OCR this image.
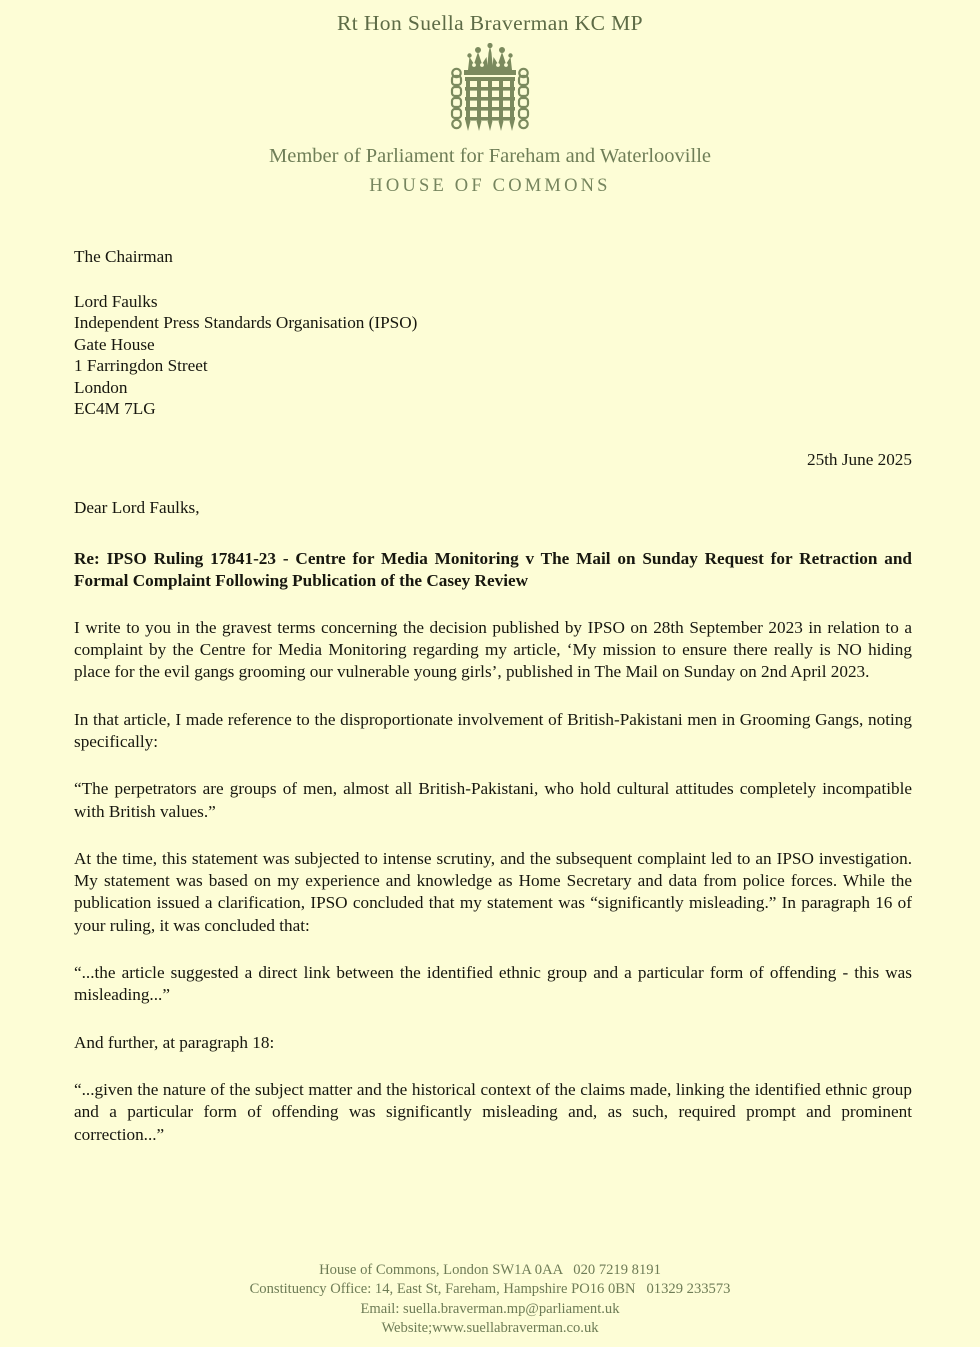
Rt Hon Suella Braverman KC MP
Member of Parliament for Fareham and Waterlooville
HOUSE OF COMMONS
The Chairman
Lord Faulks
Independent Press Standards Organisation (IPSO)
Gate House
1 Farringdon Street
London
EC4M 7LG
25th June 2025
Dear Lord Faulks,
Re: IPSO Ruling 17841-23 - Centre for Media Monitoring v The Mail on Sunday Request for Retraction and Formal Complaint Following Publication of the Casey Review

I write to you in the gravest terms concerning the decision published by IPSO on 28th September 2023 in relation to a complaint by the Centre for Media Monitoring regarding my article, ‘My mission to ensure there really is NO hiding place for the evil gangs grooming our vulnerable young girls’, published in The Mail on Sunday on 2nd April 2023.

In that article, I made reference to the disproportionate involvement of British-Pakistani men in Grooming Gangs, noting specifically:

“The perpetrators are groups of men, almost all British-Pakistani, who hold cultural attitudes completely incompatible with British values.”

At the time, this statement was subjected to intense scrutiny, and the subsequent complaint led to an IPSO investigation. My statement was based on my experience and knowledge as Home Secretary and data from police forces. While the publication issued a clarification, IPSO concluded that my statement was “significantly misleading.” In paragraph 16 of your ruling, it was concluded that:

“...the article suggested a direct link between the identified ethnic group and a particular form of offending - this was misleading...”

And further, at paragraph 18:

“...given the nature of the subject matter and the historical context of the claims made, linking the identified ethnic group and a particular form of offending was significantly misleading and, as such, required prompt and prominent correction...”

House of Commons, London SW1A 0AA   020 7219 8191
Constituency Office: 14, East St, Fareham, Hampshire PO16 0BN   01329 233573
Email: suella.braverman.mp@parliament.uk
Website;www.suellabraverman.co.uk
